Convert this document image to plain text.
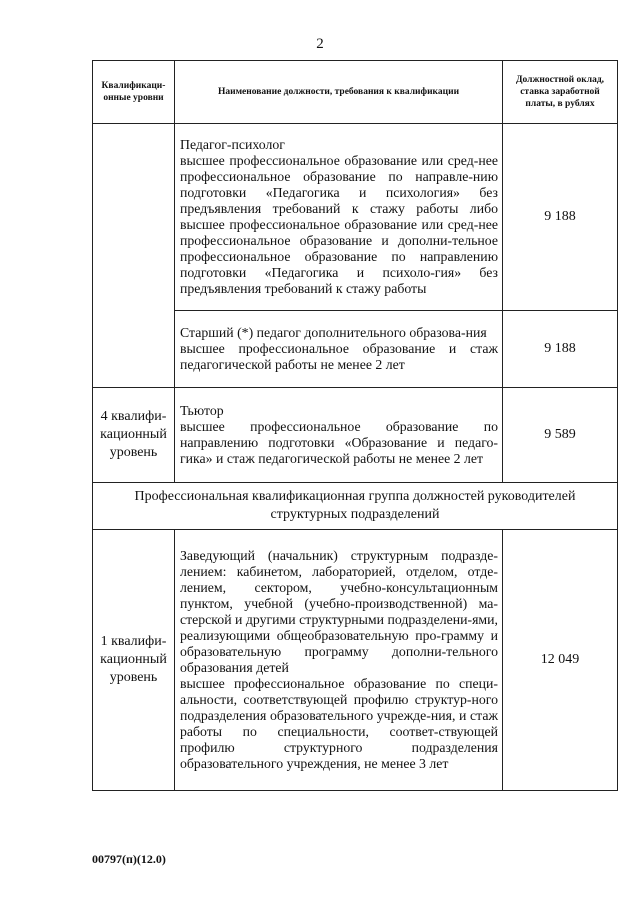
2
Квалификаци-онные уровни	Наименование должности, требования к квалификации	Должностной оклад, ставка заработной платы, в рублях

	Педагог-психолог
высшее профессиональное образование или сред-нее профессиональное образование по направле-нию подготовки «Педагогика и психология» без предъявления требований к стажу работы либо высшее профессиональное образование или сред-нее профессиональное образование и дополни-тельное профессиональное образование по направлению подготовки «Педагогика и психоло-гия» без предъявления требований к стажу работы	9 188

	Старший (*) педагог дополнительного образова-ния
высшее профессиональное образование и стаж педагогической работы не менее 2 лет	9 188
4 квалифи-кационный уровень	Тьютор
высшее профессиональное образование по направлению подготовки «Образование и педаго-гика» и стаж педагогической работы не менее 2 лет	9 589
Профессиональная квалификационная группа должностей руководителей структурных подразделений		
1 квалифи-кационный уровень	Заведующий (начальник) структурным подразде-лением: кабинетом, лабораторией, отделом, отде-лением, сектором, учебно-консультационным пунктом, учебной (учебно-производственной) ма-стерской и другими структурными подразделени-ями, реализующими общеобразовательную про-грамму и образовательную программу дополни-тельного образования детей
высшее профессиональное образование по специ-альности, соответствующей профилю структур-ного подразделения образовательного учрежде-ния, и стаж работы по специальности, соответ-ствующей профилю структурного подразделения образовательного учреждения, не менее 3 лет	12 049
00797(п)(12.0)
